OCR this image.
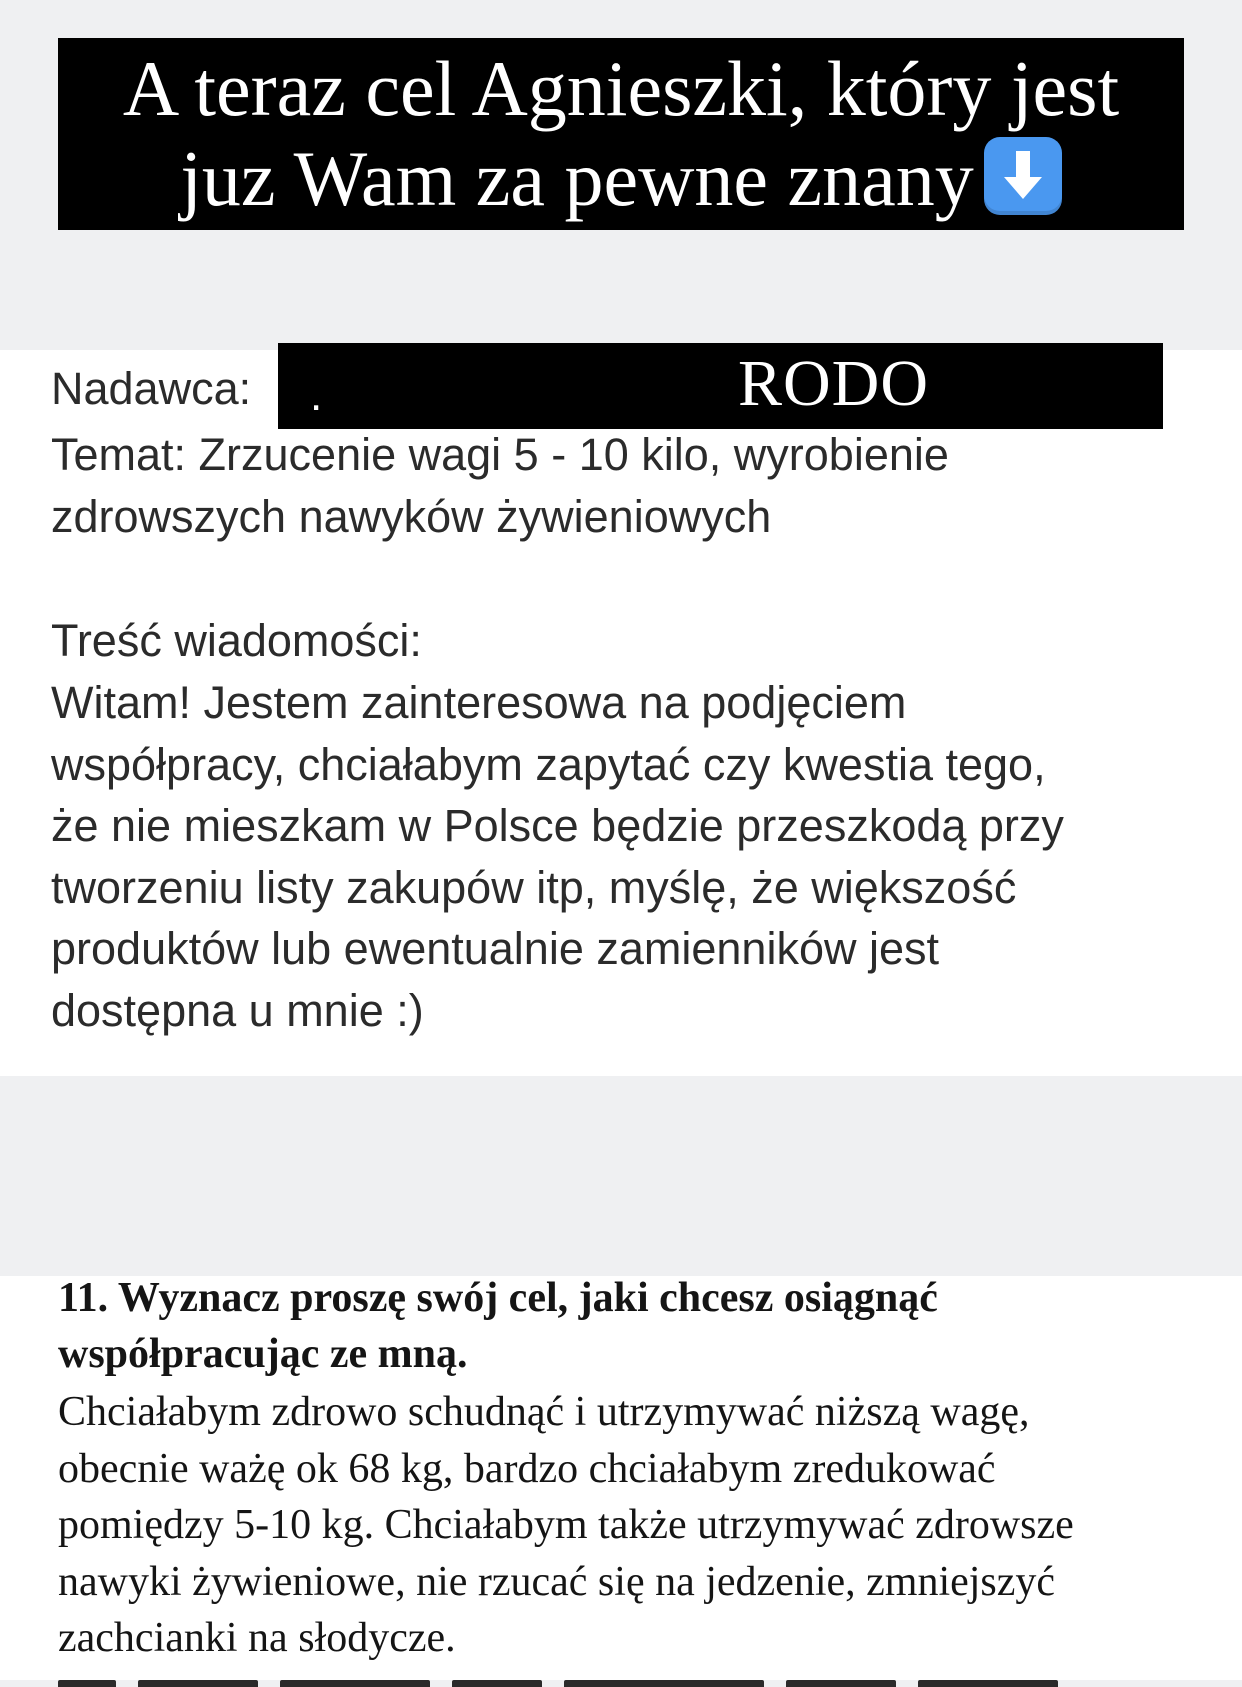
A teraz cel Agnieszki, który jest
juz Wam za pewne znany
Nadawca: .	RODO
Temat: Zrzucenie wagi 5 - 10 kilo, wyrobienie
zdrowszych nawyków żywieniowych
Treść wiadomości:
Witam! Jestem zainteresowa na podjęciem
współpracy, chciałabym zapytać czy kwestia tego,
że nie mieszkam w Polsce będzie przeszkodą przy
tworzeniu listy zakupów itp, myślę, że większość
produktów lub ewentualnie zamienników jest
dostępna u mnie :)
11. Wyznacz proszę swój cel, jaki chcesz osiągnąć
współpracując ze mną.
Chciałabym zdrowo schudnąć i utrzymywać niższą wagę,
obecnie ważę ok 68 kg, bardzo chciałabym zredukować
pomiędzy 5-10 kg. Chciałabym także utrzymywać zdrowsze
nawyki żywieniowe, nie rzucać się na jedzenie, zmniejszyć
zachcianki na słodycze.
